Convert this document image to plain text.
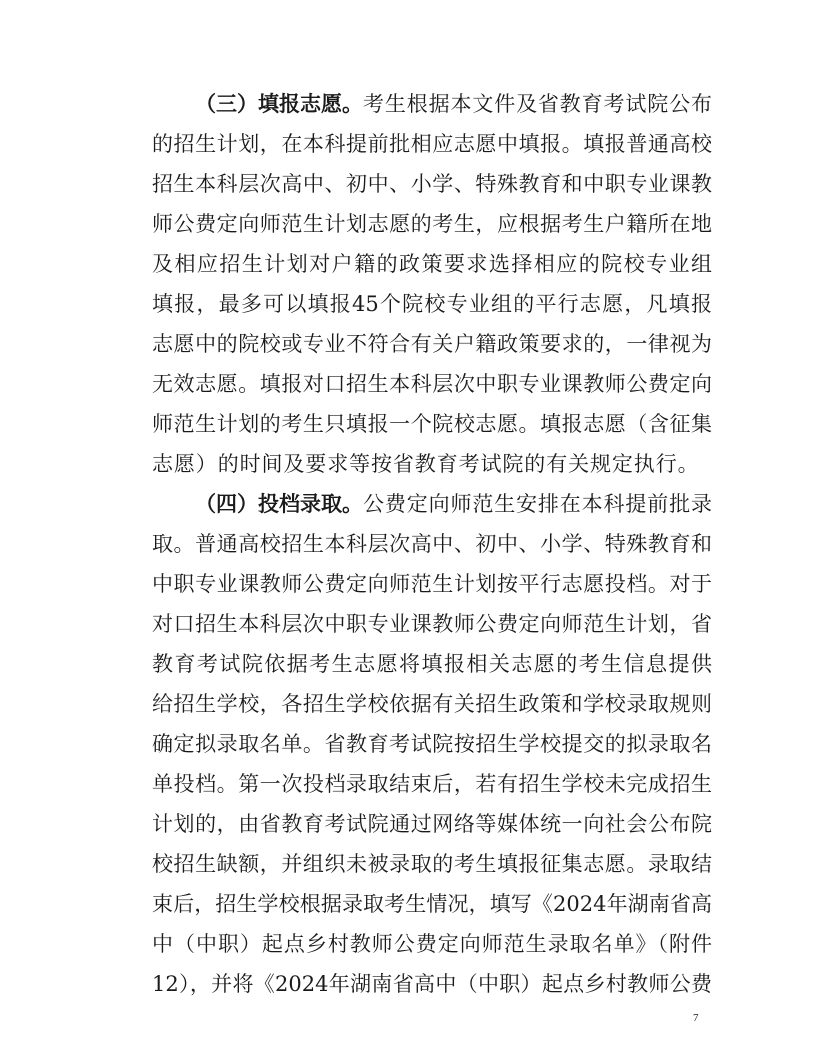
（三）填报志愿。 考生根据本文件及省教育考试院公布
的招生计划，在本科提前批相应志愿中填报。填报普通高校
招生本科层次高中、初中、小学、特殊教育和中职专业课教
师公费定向师范生计划志愿的考生，应根据考生户籍所在地
及相应招生计划对户籍的政策要求选择相应的院校专业组
填报，最多可以填报45个院校专业组的平行志愿，凡填报
志愿中的院校或专业不符合有关户籍政策要求的，一律视为
无效志愿。填报对口招生本科层次中职专业课教师公费定向
师范生计划的考生只填报一个院校志愿。填报志愿（含征集
志愿）的时间及要求等按省教育考试院的有关规定执行。
（四）投档录取。 公费定向师范生安排在本科提前批录
取。普通高校招生本科层次高中、初中、小学、特殊教育和
中职专业课教师公费定向师范生计划按平行志愿投档。对于
对口招生本科层次中职专业课教师公费定向师范生计划，省
教育考试院依据考生志愿将填报相关志愿的考生信息提供
给招生学校，各招生学校依据有关招生政策和学校录取规则
确定拟录取名单。省教育考试院按招生学校提交的拟录取名
单投档。第一次投档录取结束后，若有招生学校未完成招生
计划的，由省教育考试院通过网络等媒体统一向社会公布院
校招生缺额，并组织未被录取的考生填报征集志愿。录取结
束后，招生学校根据录取考生情况，填写《2024年湖南省高
中（中职）起点乡村教师公费定向师范生录取名单》（附件
12），并将《2024年湖南省高中（中职）起点乡村教师公费
7
